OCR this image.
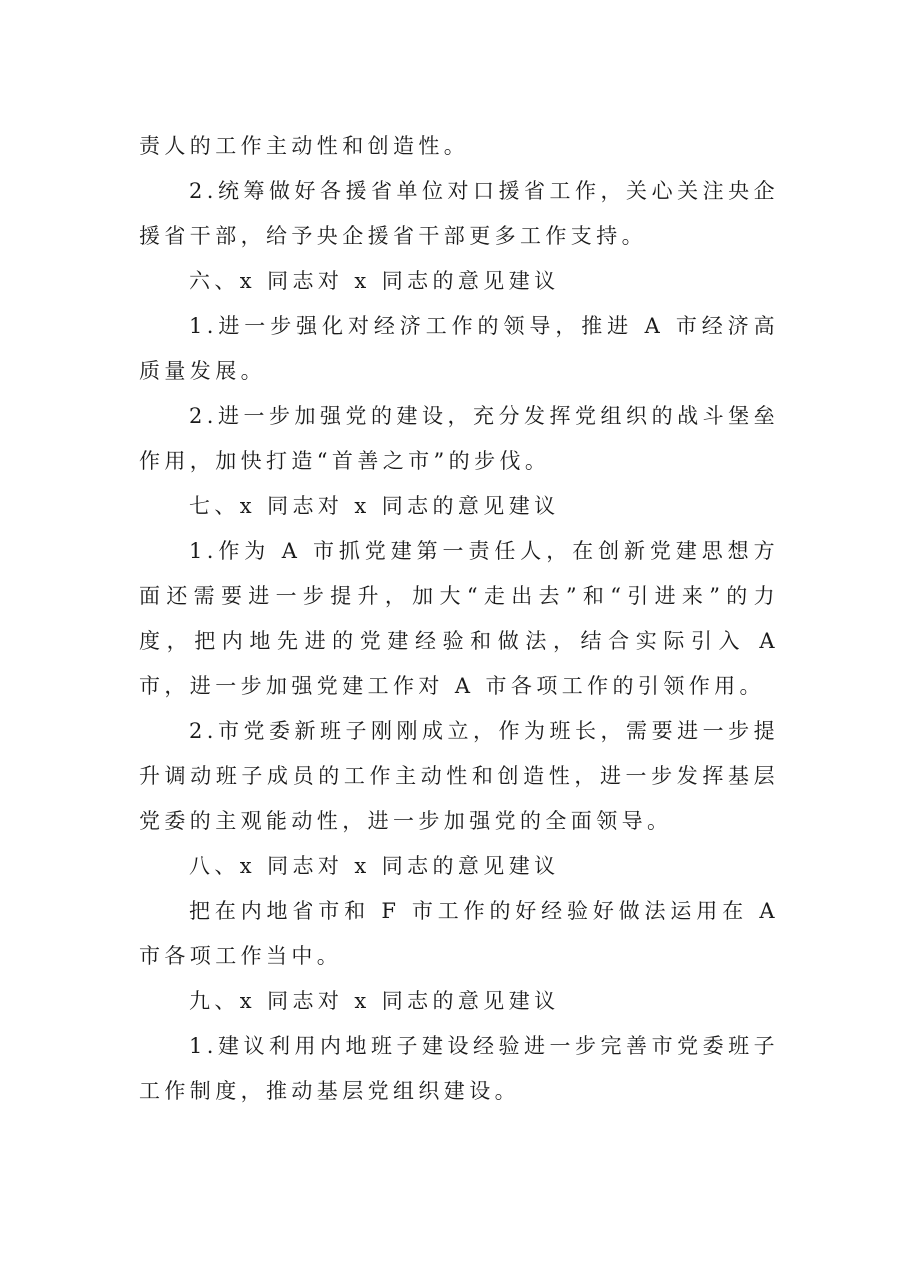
责人的工作主动性和创造性。

2.统筹做好各援省单位对口援省工作，关心关注央企援省干部，给予央企援省干部更多工作支持。

六、x 同志对 x 同志的意见建议

1.进一步强化对经济工作的领导，推进 A 市经济高质量发展。

2.进一步加强党的建设，充分发挥党组织的战斗堡垒作用，加快打造“首善之市”的步伐。

七、x 同志对 x 同志的意见建议

1.作为 A 市抓党建第一责任人，在创新党建思想方面还需要进一步提升，加大“走出去”和“引进来”的力度，把内地先进的党建经验和做法，结合实际引入 A 市，进一步加强党建工作对 A 市各项工作的引领作用。

2.市党委新班子刚刚成立，作为班长，需要进一步提升调动班子成员的工作主动性和创造性，进一步发挥基层党委的主观能动性，进一步加强党的全面领导。

八、x 同志对 x 同志的意见建议

把在内地省市和 F 市工作的好经验好做法运用在 A 市各项工作当中。

九、x 同志对 x 同志的意见建议

1.建议利用内地班子建设经验进一步完善市党委班子工作制度，推动基层党组织建设。
